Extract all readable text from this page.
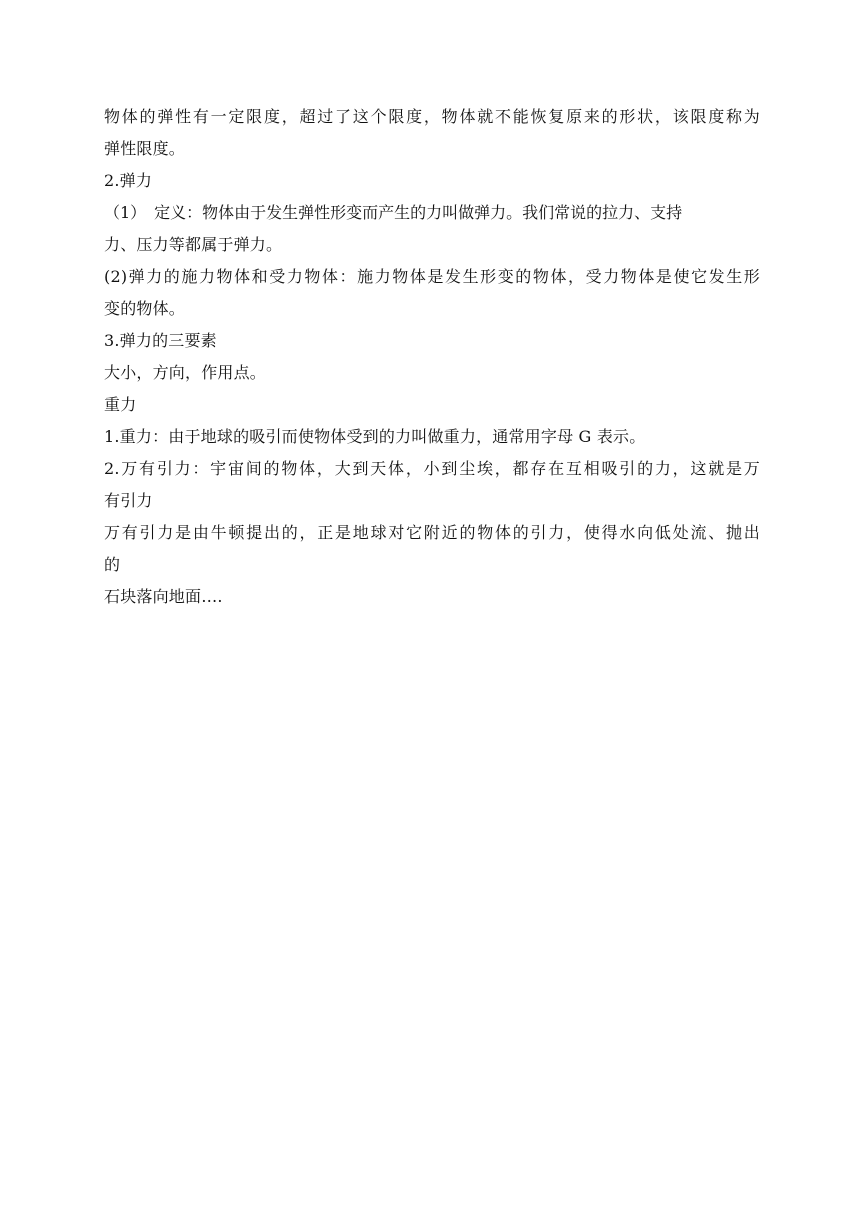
物体的弹性有一定限度，超过了这个限度，物体就不能恢复原来的形状，该限度称为
弹性限度。
2.弹力
（1）　定义：物体由于发生弹性形变而产生的力叫做弹力。我们常说的拉力、支持
力、压力等都属于弹力。
(2)弹力的施力物体和受力物体：施力物体是发生形变的物体，受力物体是使它发生形
变的物体。
3.弹力的三要素
大小，方向，作用点。
重力
1.重力：由于地球的吸引而使物体受到的力叫做重力，通常用字母 G 表示。
2.万有引力：宇宙间的物体，大到天体，小到尘埃，都存在互相吸引的力，这就是万
有引力
万有引力是由牛顿提出的，正是地球对它附近的物体的引力，使得水向低处流、抛出
的
石块落向地面….
